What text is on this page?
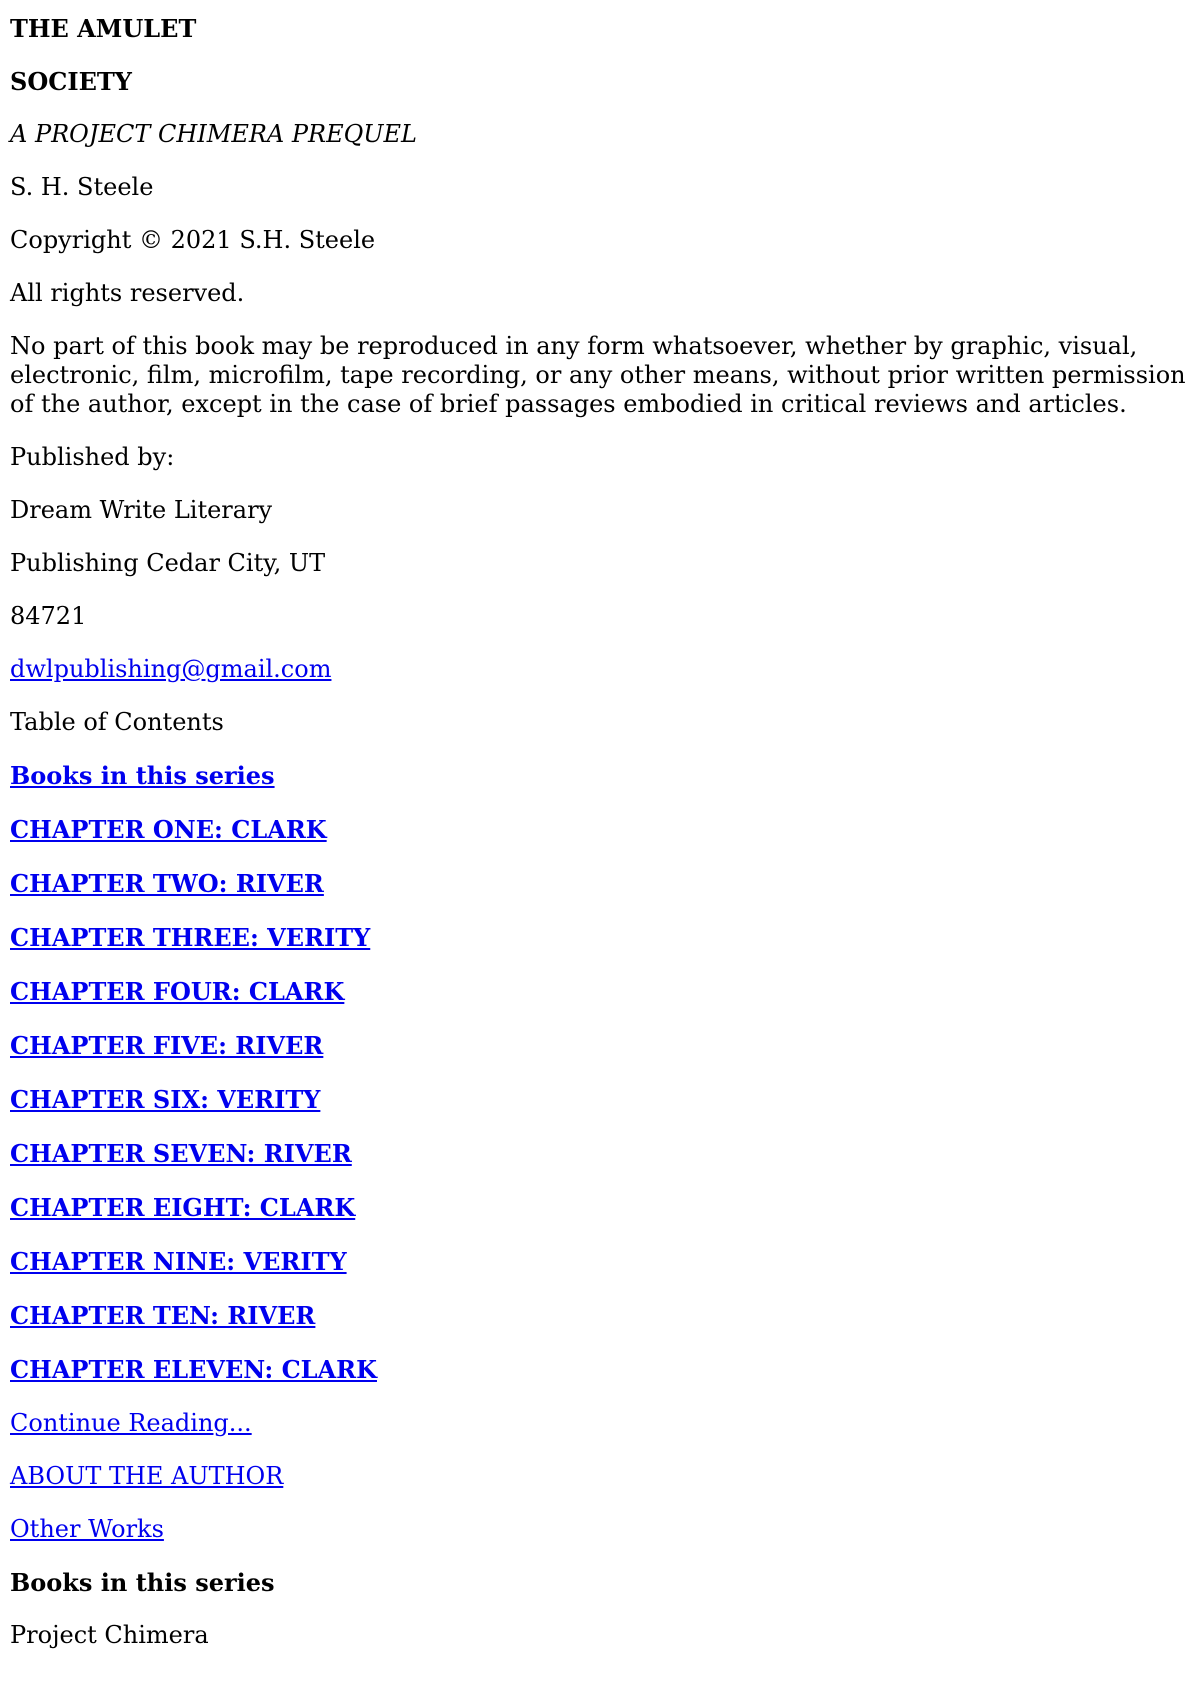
THE AMULET
SOCIETY
A PROJECT CHIMERA PREQUEL
S. H. Steele
Copyright © 2021 S.H. Steele
All rights reserved.
No part of this book may be reproduced in any form whatsoever, whether by graphic, visual, electronic, film, microfilm, tape recording, or any other means, without prior written permission of the author, except in the case of brief passages embodied in critical reviews and articles.
Published by:
Dream Write Literary
Publishing Cedar City, UT
84721
dwlpublishing@gmail.com
Table of Contents
Books in this series
CHAPTER ONE: CLARK
CHAPTER TWO: RIVER
CHAPTER THREE: VERITY
CHAPTER FOUR: CLARK
CHAPTER FIVE: RIVER
CHAPTER SIX: VERITY
CHAPTER SEVEN: RIVER
CHAPTER EIGHT: CLARK
CHAPTER NINE: VERITY
CHAPTER TEN: RIVER
CHAPTER ELEVEN: CLARK
Continue Reading...
ABOUT THE AUTHOR
Other Works
Books in this series
Project Chimera
